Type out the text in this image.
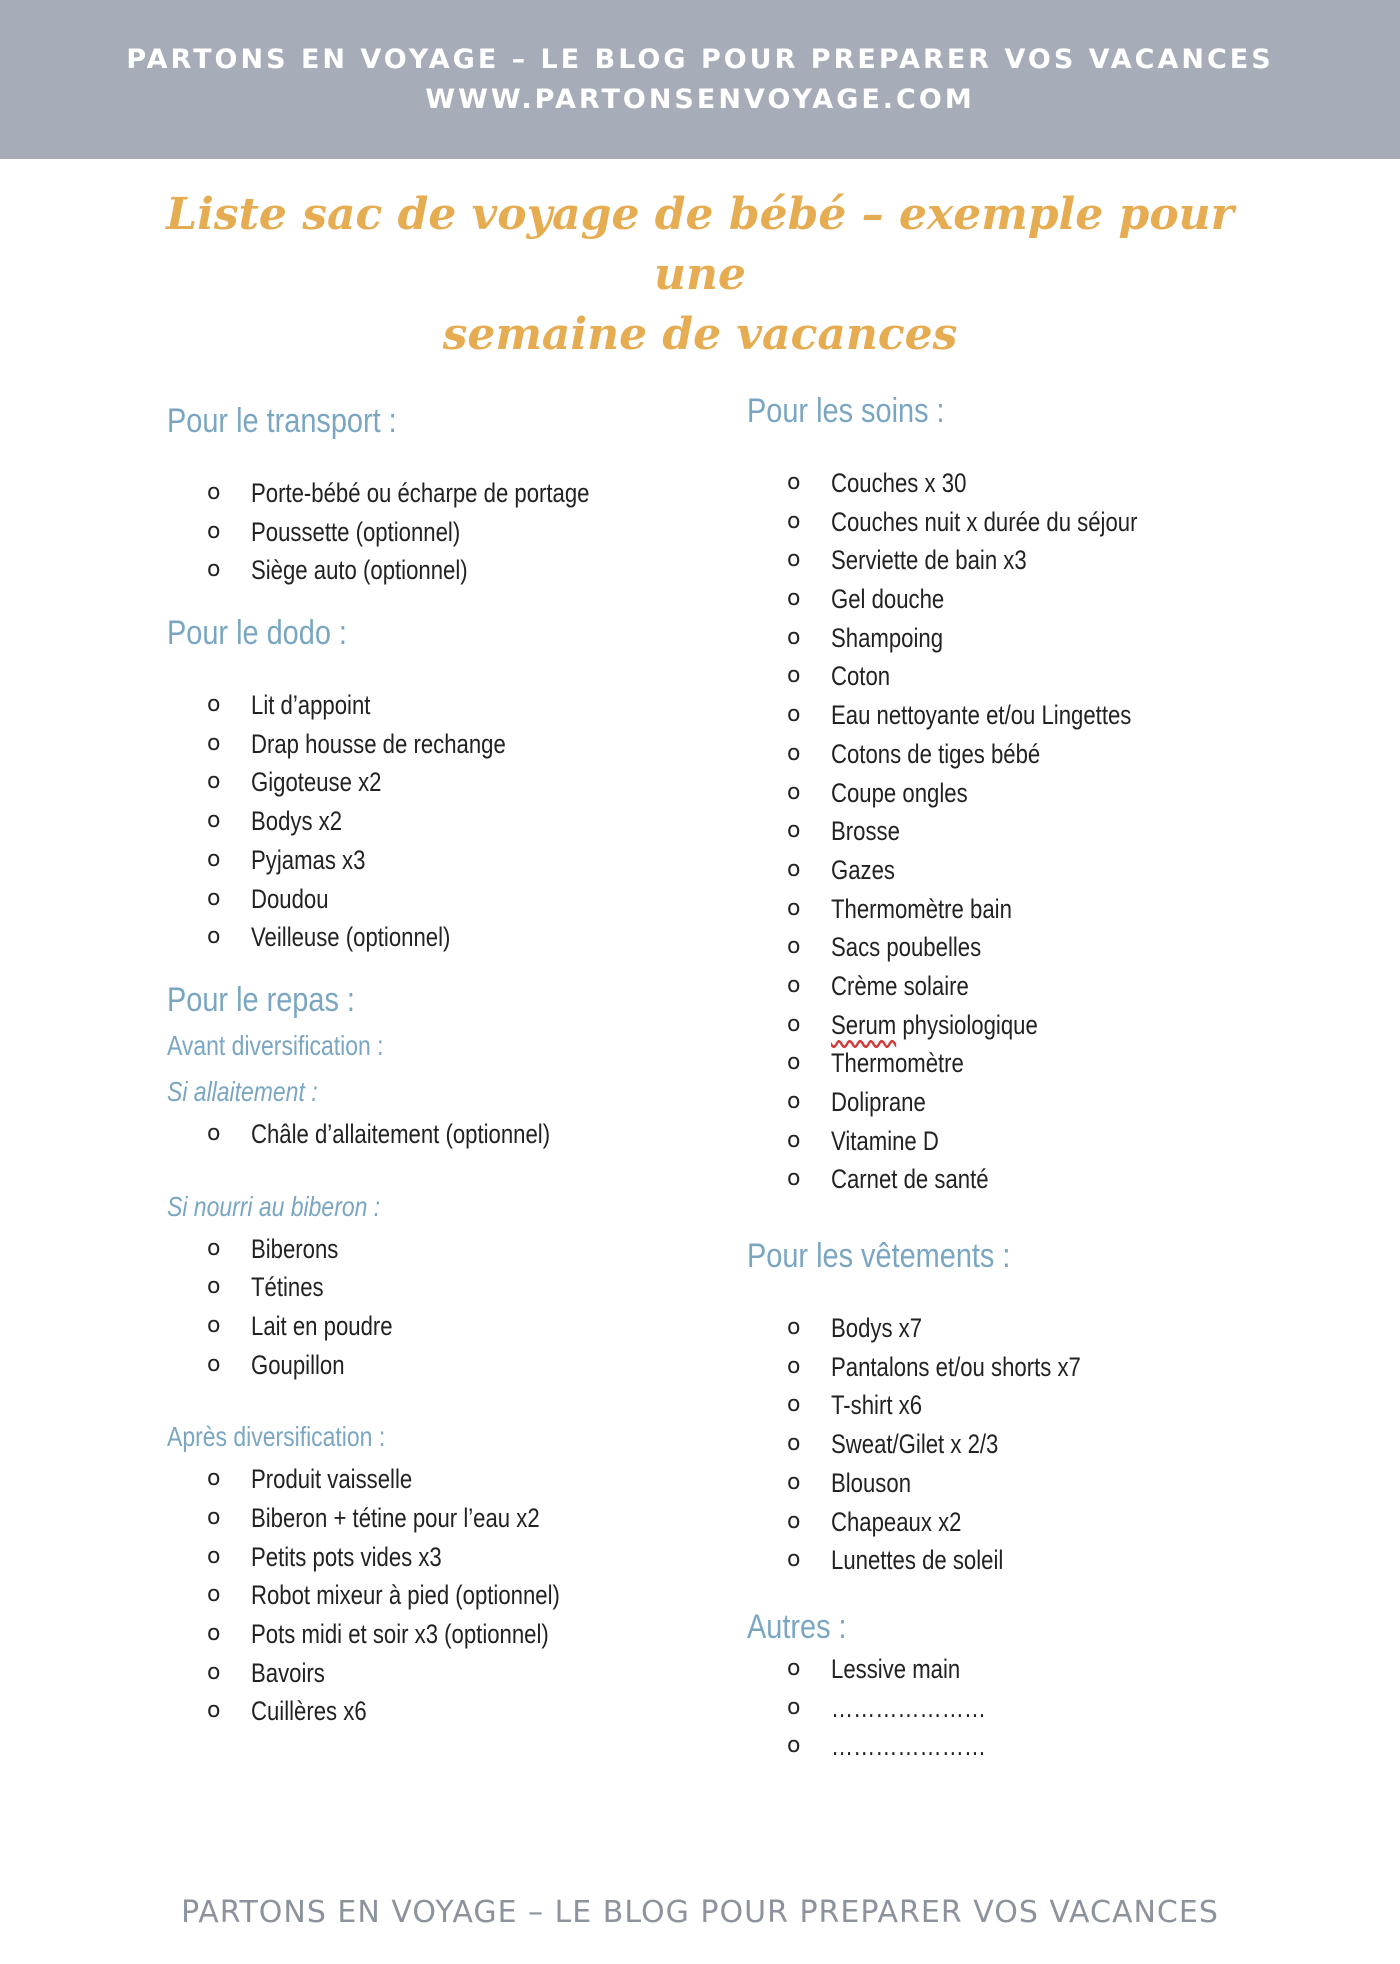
PARTONS EN VOYAGE – LE BLOG POUR PREPARER VOS VACANCES
WWW.PARTONSENVOYAGE.COM
Liste sac de voyage de bébé – exemple pour une
semaine de vacances
Pour le transport :
o Porte-bébé ou écharpe de portage
o Poussette (optionnel)
o Siège auto (optionnel)
Pour le dodo :
o Lit d’appoint
o Drap housse de rechange
o Gigoteuse x2
o Bodys x2
o Pyjamas x3
o Doudou
o Veilleuse (optionnel)
Pour le repas :
Avant diversification :
Si allaitement :
o Châle d’allaitement (optionnel)
Si nourri au biberon :
o Biberons
o Tétines
o Lait en poudre
o Goupillon
Après diversification :
o Produit vaisselle
o Biberon + tétine pour l’eau x2
o Petits pots vides x3
o Robot mixeur à pied (optionnel)
o Pots midi et soir x3 (optionnel)
o Bavoirs
o Cuillères x6
Pour les soins :
o Couches x 30
o Couches nuit x durée du séjour
o Serviette de bain x3
o Gel douche
o Shampoing
o Coton
o Eau nettoyante et/ou Lingettes
o Cotons de tiges bébé
o Coupe ongles
o Brosse
o Gazes
o Thermomètre bain
o Sacs poubelles
o Crème solaire
o Serum physiologique
o Thermomètre
o Doliprane
o Vitamine D
o Carnet de santé
Pour les vêtements :
o Bodys x7
o Pantalons et/ou shorts x7
o T-shirt x6
o Sweat/Gilet x 2/3
o Blouson
o Chapeaux x2
o Lunettes de soleil
Autres :
o Lessive main
o …………………
o …………………
PARTONS EN VOYAGE – LE BLOG POUR PREPARER VOS VACANCES
